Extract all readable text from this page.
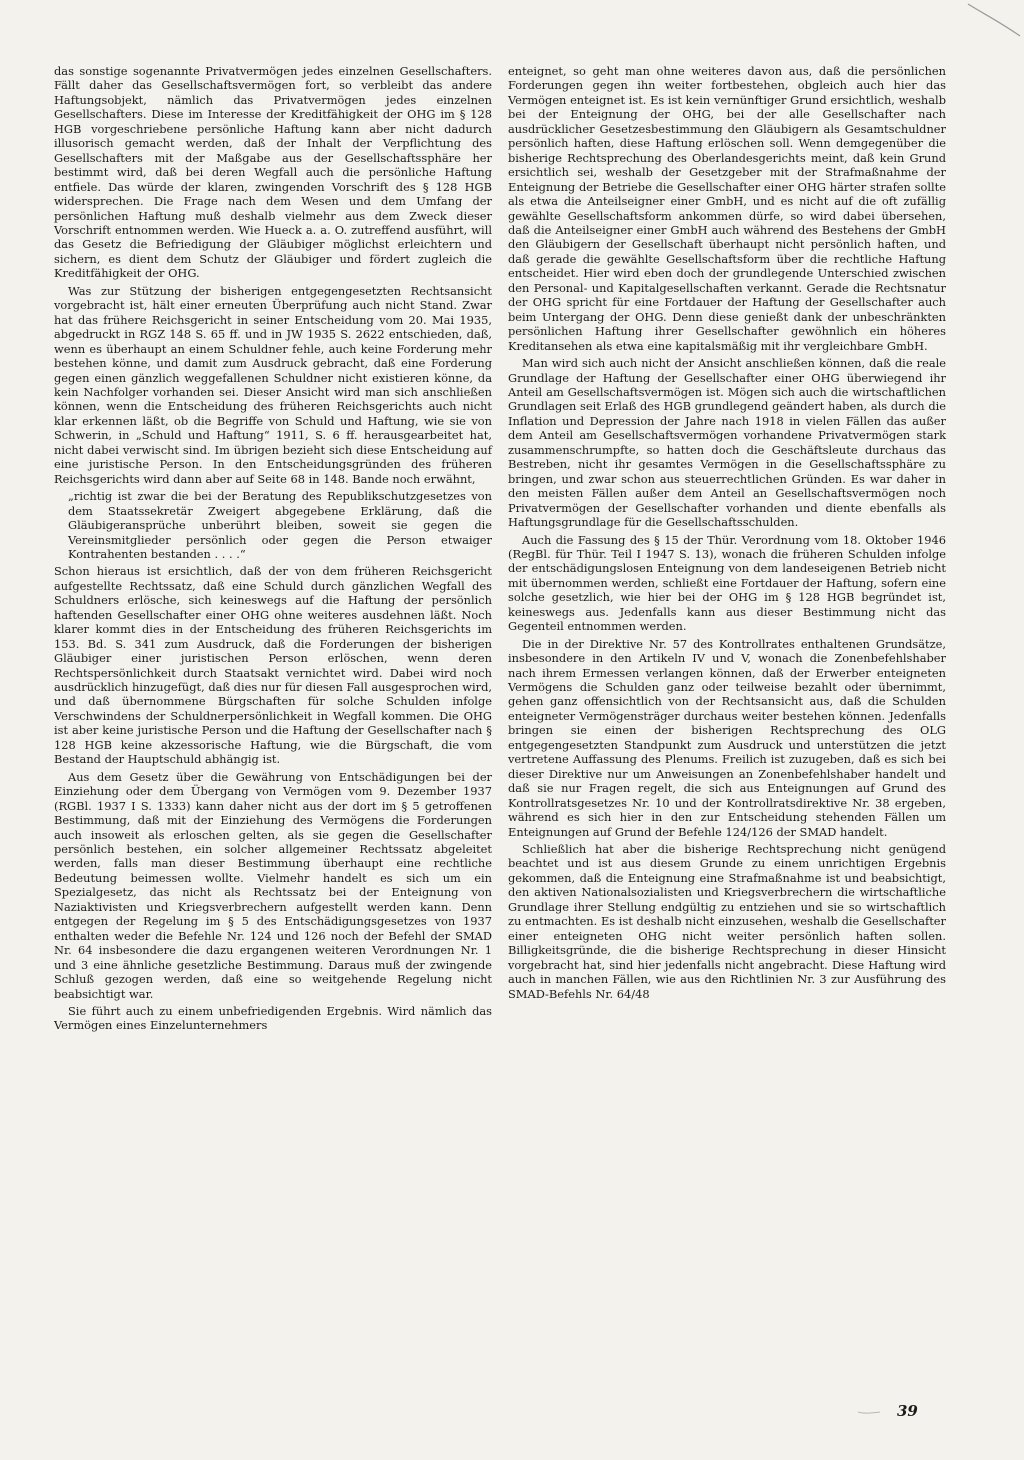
das sonstige sogenannte Privatvermögen jedes einzelnen Gesellschafters. Fällt daher das Gesellschaftsvermögen fort, so verbleibt das andere Haftungsobjekt, nämlich das Privatvermögen jedes einzelnen Gesellschafters. Diese im Interesse der Kreditfähigkeit der OHG im § 128 HGB vorgeschriebene persönliche Haftung kann aber nicht dadurch illusorisch gemacht werden, daß der Inhalt der Verpflichtung des Gesellschafters mit der Maßgabe aus der Gesellschaftssphäre her bestimmt wird, daß bei deren Wegfall auch die persönliche Haftung entfiele. Das würde der klaren, zwingenden Vorschrift des § 128 HGB widersprechen. Die Frage nach dem Wesen und dem Umfang der persönlichen Haftung muß deshalb vielmehr aus dem Zweck dieser Vorschrift entnommen werden. Wie Hueck a. a. O. zutreffend ausführt, will das Gesetz die Befriedigung der Gläubiger möglichst erleichtern und sichern, es dient dem Schutz der Gläubiger und fördert zugleich die Kreditfähigkeit der OHG.

Was zur Stützung der bisherigen entgegengesetzten Rechtsansicht vorgebracht ist, hält einer erneuten Überprüfung auch nicht Stand. Zwar hat das frühere Reichsgericht in seiner Entscheidung vom 20. Mai 1935, abgedruckt in RGZ 148 S. 65 ff. und in JW 1935 S. 2622 entschieden, daß, wenn es überhaupt an einem Schuldner fehle, auch keine Forderung mehr bestehen könne, und damit zum Ausdruck gebracht, daß eine Forderung gegen einen gänzlich weggefallenen Schuldner nicht existieren könne, da kein Nachfolger vorhanden sei. Dieser Ansicht wird man sich anschließen können, wenn die Entscheidung des früheren Reichsgerichts auch nicht klar erkennen läßt, ob die Begriffe von Schuld und Haftung, wie sie von Schwerin, in „Schuld und Haftung“ 1911, S. 6 ff. herausgearbeitet hat, nicht dabei verwischt sind. Im übrigen bezieht sich diese Entscheidung auf eine juristische Person. In den Entscheidungsgründen des früheren Reichsgerichts wird dann aber auf Seite 68 in 148. Bande noch erwähnt,

„richtig ist zwar die bei der Beratung des Republikschutzgesetzes von dem Staatssekretär Zweigert abgegebene Erklärung, daß die Gläubigeransprüche unberührt bleiben, soweit sie gegen die Vereinsmitglieder persönlich oder gegen die Person etwaiger Kontrahenten bestanden . . . .“

Schon hieraus ist ersichtlich, daß der von dem früheren Reichsgericht aufgestellte Rechtssatz, daß eine Schuld durch gänzlichen Wegfall des Schuldners erlösche, sich keineswegs auf die Haftung der persönlich haftenden Gesellschafter einer OHG ohne weiteres ausdehnen läßt. Noch klarer kommt dies in der Entscheidung des früheren Reichsgerichts im 153. Bd. S. 341 zum Ausdruck, daß die Forderungen der bisherigen Gläubiger einer juristischen Person erlöschen, wenn deren Rechtspersönlichkeit durch Staatsakt vernichtet wird. Dabei wird noch ausdrücklich hinzugefügt, daß dies nur für diesen Fall ausgesprochen wird, und daß übernommene Bürgschaften für solche Schulden infolge Verschwindens der Schuldnerpersönlichkeit in Wegfall kommen. Die OHG ist aber keine juristische Person und die Haftung der Gesellschafter nach § 128 HGB keine akzessorische Haftung, wie die Bürgschaft, die vom Bestand der Hauptschuld abhängig ist.

Aus dem Gesetz über die Gewährung von Entschädigungen bei der Einziehung oder dem Übergang von Vermögen vom 9. Dezember 1937 (RGBl. 1937 I S. 1333) kann daher nicht aus der dort im § 5 getroffenen Bestimmung, daß mit der Einziehung des Vermögens die Forderungen auch insoweit als erloschen gelten, als sie gegen die Gesellschafter persönlich bestehen, ein solcher allgemeiner Rechtssatz abgeleitet werden, falls man dieser Bestimmung überhaupt eine rechtliche Bedeutung beimessen wollte. Vielmehr handelt es sich um ein Spezialgesetz, das nicht als Rechtssatz bei der Enteignung von Naziaktivisten und Kriegsverbrechern aufgestellt werden kann. Denn entgegen der Regelung im § 5 des Entschädigungsgesetzes von 1937 enthalten weder die Befehle Nr. 124 und 126 noch der Befehl der SMAD Nr. 64 insbesondere die dazu ergangenen weiteren Verordnungen Nr. 1 und 3 eine ähnliche gesetzliche Bestimmung. Daraus muß der zwingende Schluß gezogen werden, daß eine so weitgehende Regelung nicht beabsichtigt war.

Sie führt auch zu einem unbefriedigenden Ergebnis. Wird nämlich das Vermögen eines Einzelunternehmers

enteignet, so geht man ohne weiteres davon aus, daß die persönlichen Forderungen gegen ihn weiter fortbestehen, obgleich auch hier das Vermögen enteignet ist. Es ist kein vernünftiger Grund ersichtlich, weshalb bei der Enteignung der OHG, bei der alle Gesellschafter nach ausdrücklicher Gesetzesbestimmung den Gläubigern als Gesamtschuldner persönlich haften, diese Haftung erlöschen soll. Wenn demgegenüber die bisherige Rechtsprechung des Oberlandesgerichts meint, daß kein Grund ersichtlich sei, weshalb der Gesetzgeber mit der Strafmaßnahme der Enteignung der Betriebe die Gesellschafter einer OHG härter strafen sollte als etwa die Anteilseigner einer GmbH, und es nicht auf die oft zufällig gewählte Gesellschaftsform ankommen dürfe, so wird dabei übersehen, daß die Anteilseigner einer GmbH auch während des Bestehens der GmbH den Gläubigern der Gesellschaft überhaupt nicht persönlich haften, und daß gerade die gewählte Gesellschaftsform über die rechtliche Haftung entscheidet. Hier wird eben doch der grundlegende Unterschied zwischen den Personal- und Kapitalgesellschaften verkannt. Gerade die Rechtsnatur der OHG spricht für eine Fortdauer der Haftung der Gesellschafter auch beim Untergang der OHG. Denn diese genießt dank der unbeschränkten persönlichen Haftung ihrer Gesellschafter gewöhnlich ein höheres Kreditansehen als etwa eine kapitalsmäßig mit ihr vergleichbare GmbH.

Man wird sich auch nicht der Ansicht anschließen können, daß die reale Grundlage der Haftung der Gesellschafter einer OHG überwiegend ihr Anteil am Gesellschaftsvermögen ist. Mögen sich auch die wirtschaftlichen Grundlagen seit Erlaß des HGB grundlegend geändert haben, als durch die Inflation und Depression der Jahre nach 1918 in vielen Fällen das außer dem Anteil am Gesellschaftsvermögen vorhandene Privatvermögen stark zusammenschrumpfte, so hatten doch die Geschäftsleute durchaus das Bestreben, nicht ihr gesamtes Vermögen in die Gesellschaftssphäre zu bringen, und zwar schon aus steuerrechtlichen Gründen. Es war daher in den meisten Fällen außer dem Anteil an Gesellschaftsvermögen noch Privatvermögen der Gesellschafter vorhanden und diente ebenfalls als Haftungsgrundlage für die Gesellschaftsschulden.

Auch die Fassung des § 15 der Thür. Verordnung vom 18. Oktober 1946 (RegBl. für Thür. Teil I 1947 S. 13), wonach die früheren Schulden infolge der entschädigungslosen Enteignung von dem landeseigenen Betrieb nicht mit übernommen werden, schließt eine Fortdauer der Haftung, sofern eine solche gesetzlich, wie hier bei der OHG im § 128 HGB begründet ist, keineswegs aus. Jedenfalls kann aus dieser Bestimmung nicht das Gegenteil entnommen werden.

Die in der Direktive Nr. 57 des Kontrollrates enthaltenen Grundsätze, insbesondere in den Artikeln IV und V, wonach die Zonenbefehlshaber nach ihrem Ermessen verlangen können, daß der Erwerber enteigneten Vermögens die Schulden ganz oder teilweise bezahlt oder übernimmt, gehen ganz offensichtlich von der Rechtsansicht aus, daß die Schulden enteigneter Vermögensträger durchaus weiter bestehen können. Jedenfalls bringen sie einen der bisherigen Rechtsprechung des OLG entgegengesetzten Standpunkt zum Ausdruck und unterstützen die jetzt vertretene Auffassung des Plenums. Freilich ist zuzugeben, daß es sich bei dieser Direktive nur um Anweisungen an Zonenbefehlshaber handelt und daß sie nur Fragen regelt, die sich aus Enteignungen auf Grund des Kontrollratsgesetzes Nr. 10 und der Kontrollratsdirektive Nr. 38 ergeben, während es sich hier in den zur Entscheidung stehenden Fällen um Enteignungen auf Grund der Befehle 124/126 der SMAD handelt.

Schließlich hat aber die bisherige Rechtsprechung nicht genügend beachtet und ist aus diesem Grunde zu einem unrichtigen Ergebnis gekommen, daß die Enteignung eine Strafmaßnahme ist und beabsichtigt, den aktiven Nationalsozialisten und Kriegsverbrechern die wirtschaftliche Grundlage ihrer Stellung endgültig zu entziehen und sie so wirtschaftlich zu entmachten. Es ist deshalb nicht einzusehen, weshalb die Gesellschafter einer enteigneten OHG nicht weiter persönlich haften sollen. Billigkeitsgründe, die die bisherige Rechtsprechung in dieser Hinsicht vorgebracht hat, sind hier jedenfalls nicht angebracht. Diese Haftung wird auch in manchen Fällen, wie aus den Richtlinien Nr. 3 zur Ausführung des SMAD-Befehls Nr. 64/48

39
